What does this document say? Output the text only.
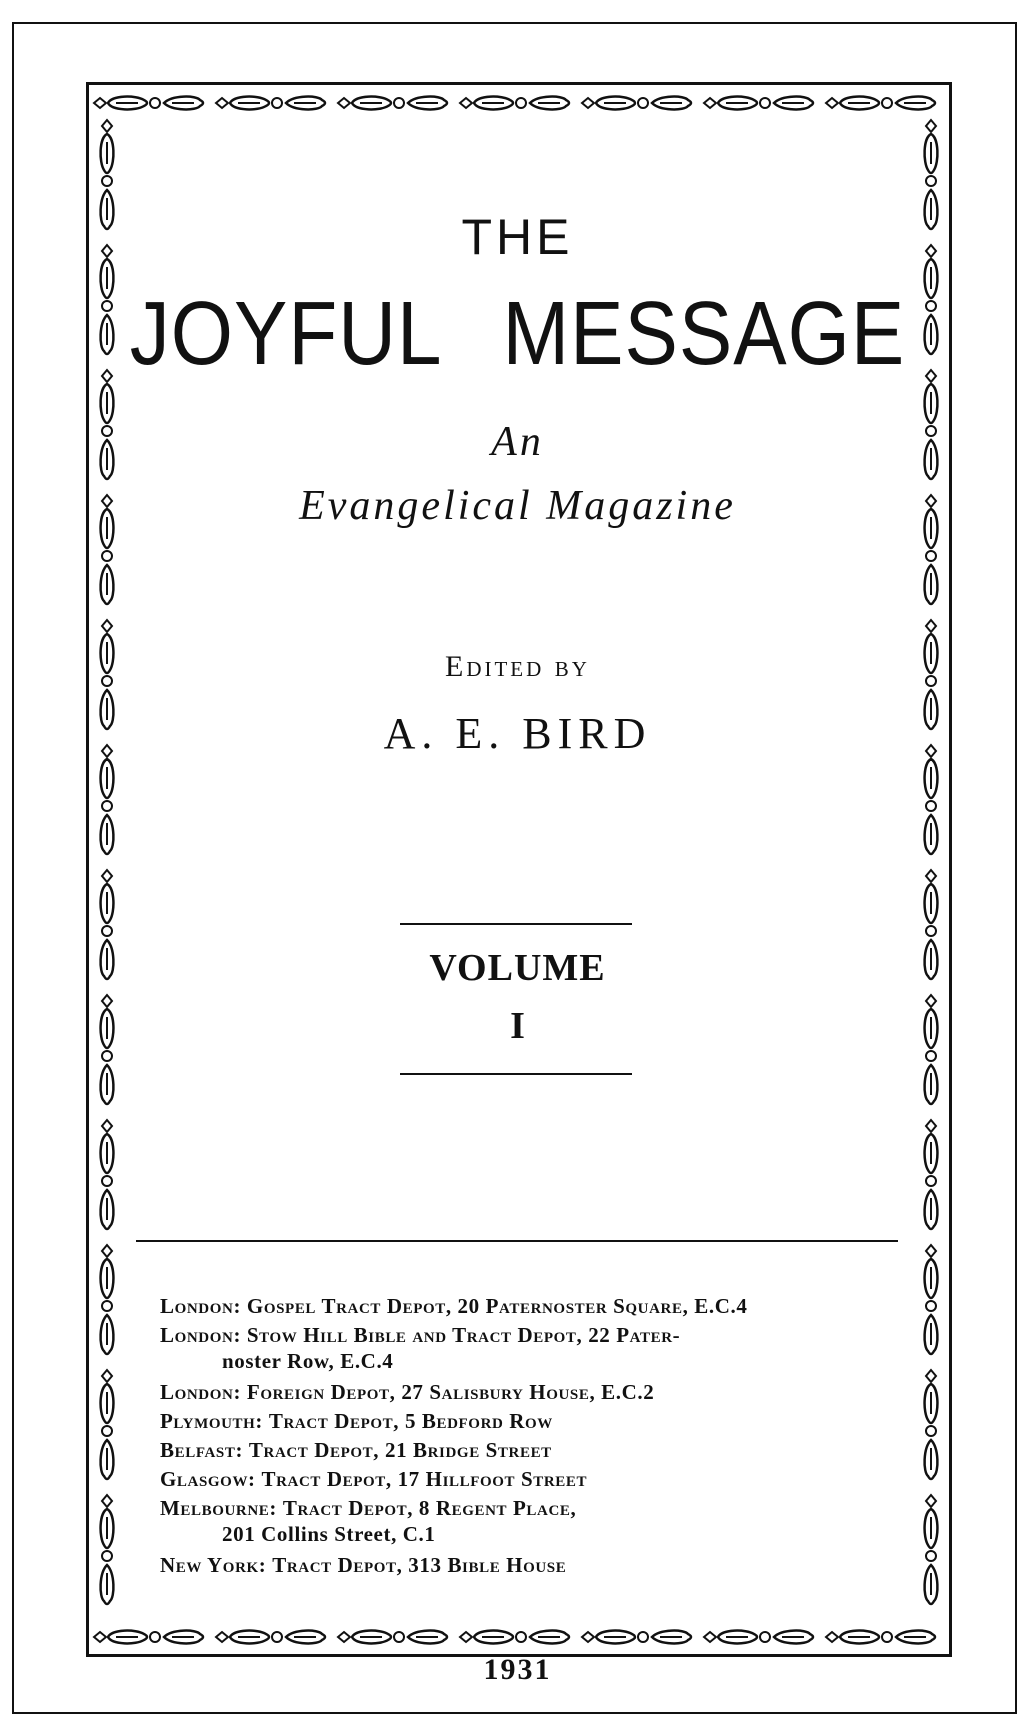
THE
JOYFUL MESSAGE

An

Evangelical Magazine

Edited by

A. E. BIRD

VOLUME

I

London: Gospel Tract Depot, 20 Paternoster Square, E.C.4

London: Stow Hill Bible and Tract Depot, 22 Pater-
noster Row, E.C.4

London: Foreign Depot, 27 Salisbury House, E.C.2

Plymouth: Tract Depot, 5 Bedford Row

Belfast: Tract Depot, 21 Bridge Street

Glasgow: Tract Depot, 17 Hillfoot Street

Melbourne: Tract Depot, 8 Regent Place,
201 Collins Street, C.1

New York: Tract Depot, 313 Bible House

1931
